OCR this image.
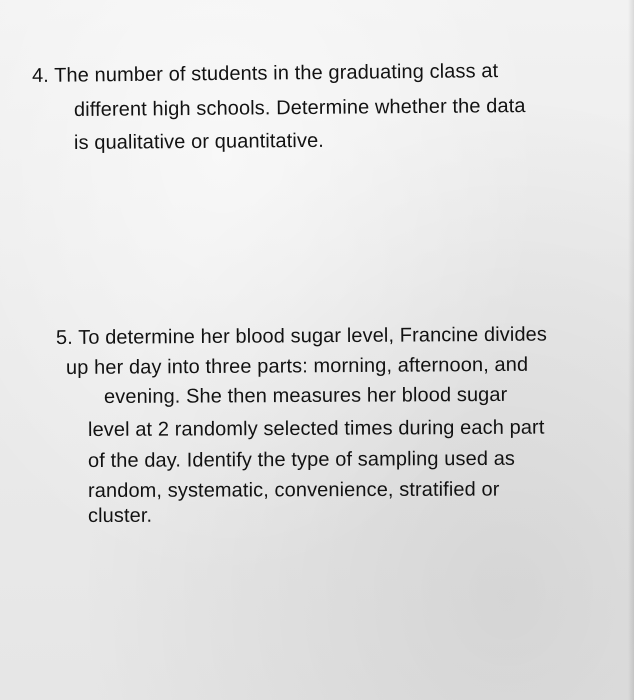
4. The number of students in the graduating class at

different high schools. Determine whether the data

is qualitative or quantitative.

5. To determine her blood sugar level, Francine divides

up her day into three parts: morning, afternoon, and

evening. She then measures her blood sugar

level at 2 randomly selected times during each part

of the day. Identify the type of sampling used as

random, systematic, convenience, stratified or

cluster.
